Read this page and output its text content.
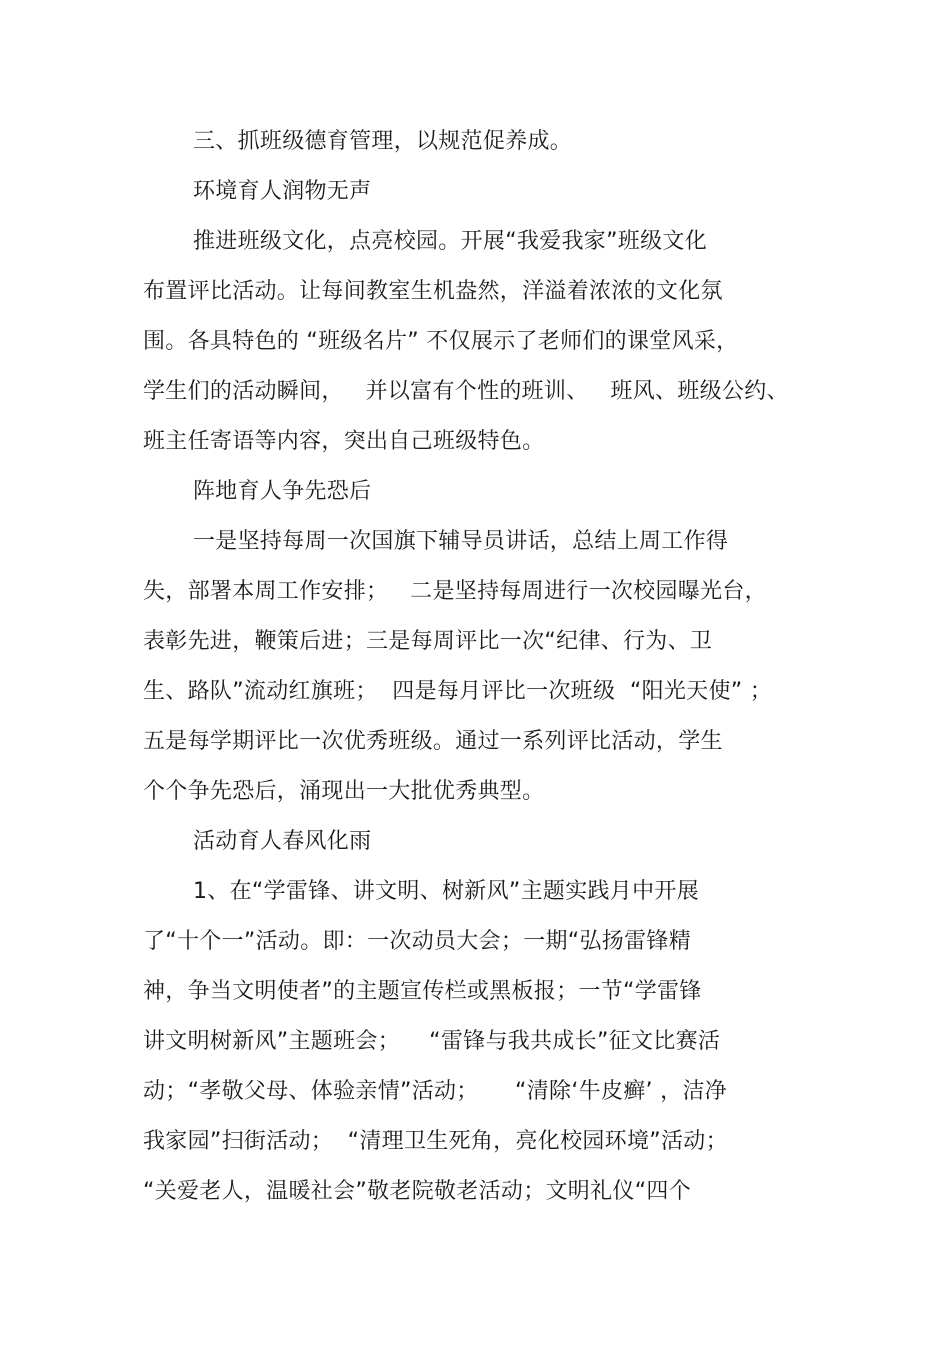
三、抓班级德育管理，以规范促养成。
环境育人润物无声
推进班级文化，点亮校园。开展“我爱我家”班级文化
布置评比活动。让每间教室生机盎然，洋溢着浓浓的文化氛
围。各具特色的 “班级名片” 不仅展示了老师们的课堂风采，
学生们的活动瞬间，   并以富有个性的班训、   班风、班级公约、
班主任寄语等内容，突出自己班级特色。
阵地育人争先恐后
一是坚持每周一次国旗下辅导员讲话，总结上周工作得
失，部署本周工作安排；   二是坚持每周进行一次校园曝光台，
表彰先进，鞭策后进；三是每周评比一次“纪律、行为、卫
生、路队”流动红旗班；  四是每月评比一次班级  “阳光天使” ；
五是每学期评比一次优秀班级。通过一系列评比活动，学生
个个争先恐后，涌现出一大批优秀典型。
活动育人春风化雨
1、在“学雷锋、讲文明、树新风”主题实践月中开展
了“十个一”活动。即：一次动员大会；一期“弘扬雷锋精
神，争当文明使者”的主题宣传栏或黑板报；一节“学雷锋
讲文明树新风”主题班会；    “雷锋与我共成长”征文比赛活
动；“孝敬父母、体验亲情”活动；     “清除‘牛皮癣’ ，洁净
我家园”扫街活动；  “清理卫生死角，亮化校园环境”活动；
“关爱老人，温暖社会”敬老院敬老活动；文明礼仪“四个
